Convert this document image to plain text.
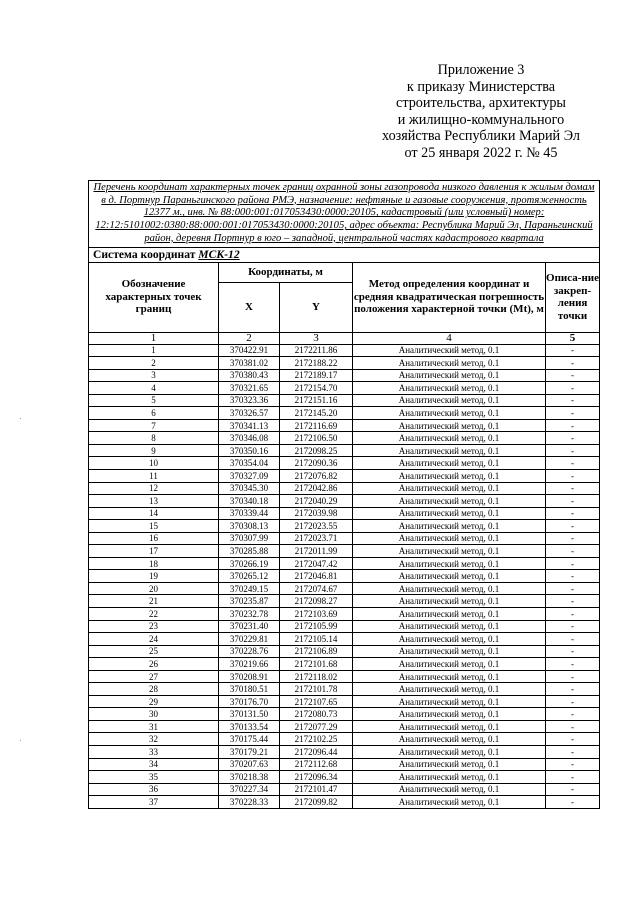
Приложение 3
к приказу Министерства
строительства, архитектуры
и жилищно-коммунального
хозяйства Республики Марий Эл
от 25 января 2022 г. № 45
Перечень координат характерных точек границ охранной зоны газопровода низкого давления к жилым домам в д. Портнур Параньгинского района РМЭ, назначение: нефтяные и газовые сооружения, протяженность 12377 м., инв. № 88:000:001:017053430:0000:20105, кадастровый (или условный) номер: 12:12:5101002:0380:88:000:001:017053430:0000:20105, адрес объекта: Республика Марий Эл, Параньгинский район, деревня Портнур в юго – западной, центральной частях кадастрового квартала				
Система координат МСК-12				
Обозначение характерных точек границ	Координаты, м		Метод определения координат и средняя квадратическая погрешность положения характерной точки (Mt), м	Описа-ние закреп-ления точки
	X	Y		
1	2	3	4	5
1	370422.91	2172211.86	Аналитический метод, 0.1	-
2	370381.02	2172188.22	Аналитический метод, 0.1	-
3	370380.43	2172189.17	Аналитический метод, 0.1	-
4	370321.65	2172154.70	Аналитический метод, 0.1	-
5	370323.36	2172151.16	Аналитический метод, 0.1	-
6	370326.57	2172145.20	Аналитический метод, 0.1	-
7	370341.13	2172116.69	Аналитический метод, 0.1	-
8	370346.08	2172106.50	Аналитический метод, 0.1	-
9	370350.16	2172098.25	Аналитический метод, 0.1	-
10	370354.04	2172090.36	Аналитический метод, 0.1	-
11	370327.09	2172076.82	Аналитический метод, 0.1	-
12	370345.30	2172042.86	Аналитический метод, 0.1	-
13	370340.18	2172040.29	Аналитический метод, 0.1	-
14	370339.44	2172039.98	Аналитический метод, 0.1	-
15	370308.13	2172023.55	Аналитический метод, 0.1	-
16	370307.99	2172023.71	Аналитический метод, 0.1	-
17	370285.88	2172011.99	Аналитический метод, 0.1	-
18	370266.19	2172047.42	Аналитический метод, 0.1	-
19	370265.12	2172046.81	Аналитический метод, 0.1	-
20	370249.15	2172074.67	Аналитический метод, 0.1	-
21	370235.87	2172098.27	Аналитический метод, 0.1	-
22	370232.78	2172103.69	Аналитический метод, 0.1	-
23	370231.40	2172105.99	Аналитический метод, 0.1	-
24	370229.81	2172105.14	Аналитический метод, 0.1	-
25	370228.76	2172106.89	Аналитический метод, 0.1	-
26	370219.66	2172101.68	Аналитический метод, 0.1	-
27	370208.91	2172118.02	Аналитический метод, 0.1	-
28	370180.51	2172101.78	Аналитический метод, 0.1	-
29	370176.70	2172107.65	Аналитический метод, 0.1	-
30	370131.50	2172080.73	Аналитический метод, 0.1	-
31	370133.54	2172077.29	Аналитический метод, 0.1	-
32	370175.44	2172102.25	Аналитический метод, 0.1	-
33	370179.21	2172096.44	Аналитический метод, 0.1	-
34	370207.63	2172112.68	Аналитический метод, 0.1	-
35	370218.38	2172096.34	Аналитический метод, 0.1	-
36	370227.34	2172101.47	Аналитический метод, 0.1	-
37	370228.33	2172099.82	Аналитический метод, 0.1	-
